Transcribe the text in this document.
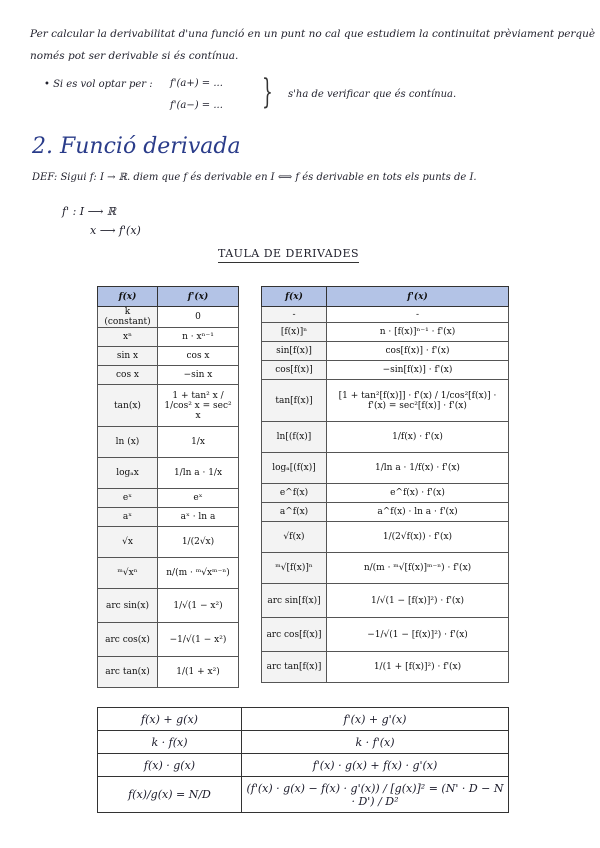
Per calcular la derivabilitat d'una funció en un punt no cal que estudiem la continuitat prèviament perquè
només pot ser derivable si és contínua.
• Si es vol optar per : f'(a+) = ...
f'(a−) = ... } s'ha de verificar que és contínua.
2. Funció derivada
DEF: Sigui f: I → ℝ. diem que f és derivable en I ⟺ f és derivable en tots els punts de I.
f' : I ⟶ ℝ
x ⟶ f'(x)
TAULA DE DERIVADES
f(x)	f'(x)
k (constant)	0
xⁿ	n · xⁿ⁻¹
sin x	cos x
cos x	−sin x
tan(x)	1 + tan² x / 1/cos² x = sec² x
ln (x)	1/x
logₐx	1/ln a · 1/x
eˣ	eˣ
aˣ	aˣ · ln a
√x	1/(2√x)
ᵐ√xⁿ	n/(m · ᵐ√xᵐ⁻ⁿ)
arc sin(x)	1/√(1 − x²)
arc cos(x)	−1/√(1 − x²)
arc tan(x)	1/(1 + x²)
f(x)	f'(x)
-	-
[f(x)]ⁿ	n · [f(x)]ⁿ⁻¹ · f'(x)
sin[f(x)]	cos[f(x)] · f'(x)
cos[f(x)]	−sin[f(x)] · f'(x)
tan[f(x)]	[1 + tan²[f(x)]] · f'(x) / 1/cos²[f(x)] · f'(x) = sec²[f(x)] · f'(x)
ln[(f(x)]	1/f(x) · f'(x)
logₐ[(f(x)]	1/ln a · 1/f(x) · f'(x)
e^f(x)	e^f(x) · f'(x)
a^f(x)	a^f(x) · ln a · f'(x)
√f(x)	1/(2√f(x)) · f'(x)
ᵐ√[f(x)]ⁿ	n/(m · ᵐ√[f(x)]ᵐ⁻ⁿ) · f'(x)
arc sin[f(x)]	1/√(1 − [f(x)]²) · f'(x)
arc cos[f(x)]	−1/√(1 − [f(x)]²) · f'(x)
arc tan[f(x)]	1/(1 + [f(x)]²) · f'(x)
f(x) + g(x)	f'(x) + g'(x)
k · f(x)	k · f'(x)
f(x) · g(x)	f'(x) · g(x) + f(x) · g'(x)
f(x)/g(x) = N/D	(f'(x) · g(x) − f(x) · g'(x)) / [g(x)]² = (N' · D − N · D') / D²
